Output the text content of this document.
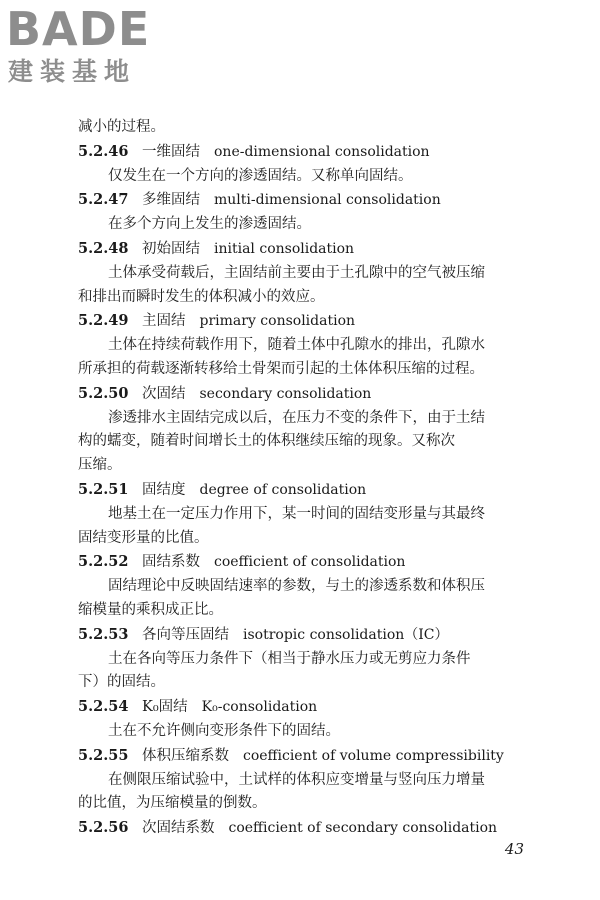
BADE
建装基地

减小的过程。

5.2.46 一维固结 one-dimensional consolidation

仅发生在一个方向的渗透固结。又称单向固结。

5.2.47 多维固结 multi-dimensional consolidation

在多个方向上发生的渗透固结。

5.2.48 初始固结 initial consolidation

土体承受荷载后，主固结前主要由于土孔隙中的空气被压缩

和排出而瞬时发生的体积减小的效应。

5.2.49 主固结 primary consolidation

土体在持续荷载作用下，随着土体中孔隙水的排出，孔隙水

所承担的荷载逐渐转移给土骨架而引起的土体体积压缩的过程。

5.2.50 次固结 secondary consolidation

渗透排水主固结完成以后，在压力不变的条件下，由于土结

构的蠕变，随着时间增长土的体积继续压缩的现象。又称次

压缩。

5.2.51 固结度 degree of consolidation

地基土在一定压力作用下，某一时间的固结变形量与其最终

固结变形量的比值。

5.2.52 固结系数 coefficient of consolidation

固结理论中反映固结速率的参数，与土的渗透系数和体积压

缩模量的乘积成正比。

5.2.53 各向等压固结 isotropic consolidation（IC）

土在各向等压力条件下（相当于静水压力或无剪应力条件

下）的固结。

5.2.54 K₀固结 K₀-consolidation

土在不允许侧向变形条件下的固结。

5.2.55 体积压缩系数 coefficient of volume compressibility

在侧限压缩试验中，土试样的体积应变增量与竖向压力增量

的比值，为压缩模量的倒数。

5.2.56 次固结系数 coefficient of secondary consolidation

43
